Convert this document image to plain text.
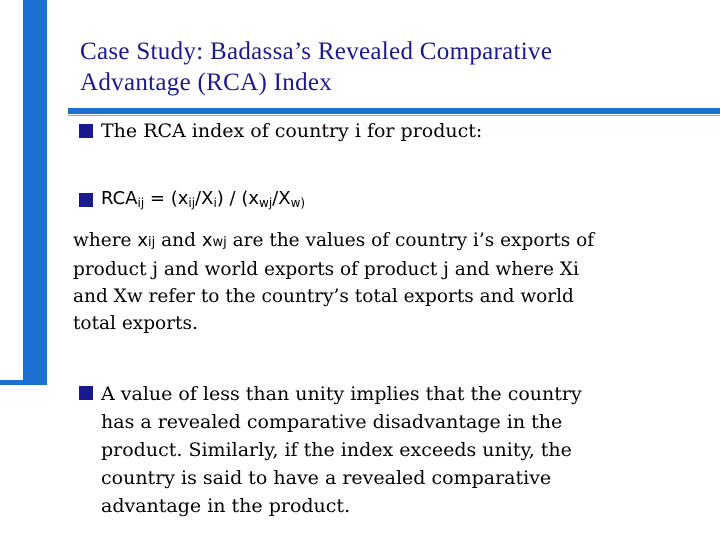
Case Study: Badassa’s Revealed Comparative
Advantage (RCA) Index
The RCA index of country i for product:
$RCA_{ij} = (x_{ij}/X_i) / (x_{wj}/X_{w)}$
where xij and xwj are the values of country i’s exports of
product j and world exports of product j and where Xi
and Xw refer to the country’s total exports and world
total exports.
A value of less than unity implies that the country
has a revealed comparative disadvantage in the
product. Similarly, if the index exceeds unity, the
country is said to have a revealed comparative
advantage in the product.
